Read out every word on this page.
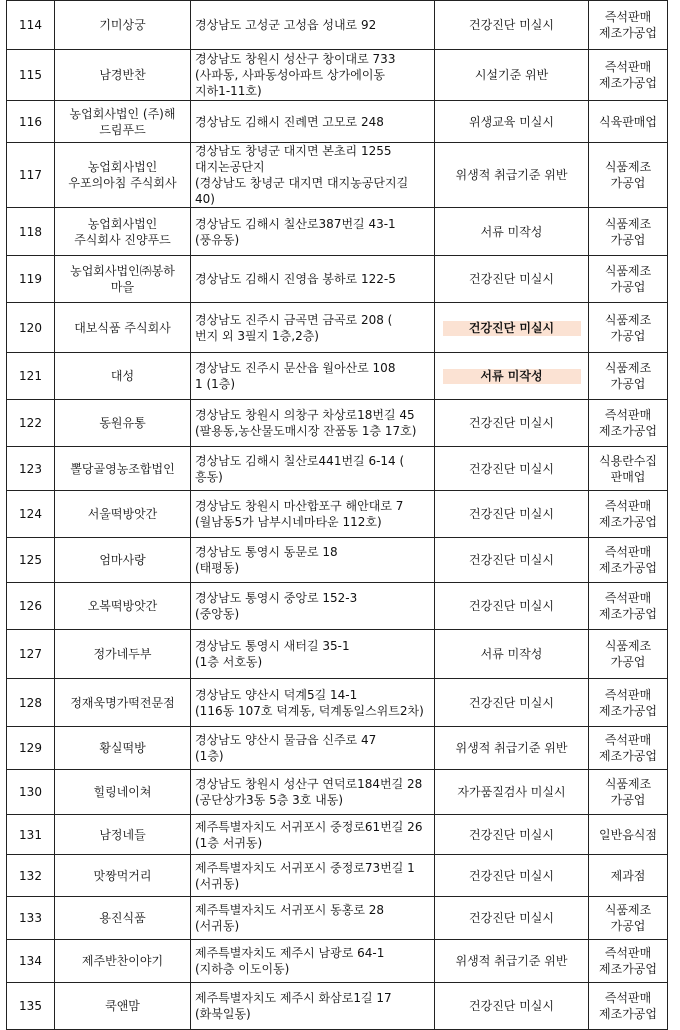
114	기미상궁	경상남도 고성군 고성읍 성내로 92	건강진단 미실시	즉석판매
제조가공업

115	남경반찬	경상남도 창원시 성산구 창이대로 733
(사파동, 사파동성아파트 상가에이동
지하1-11호)	시설기준 위반	즉석판매
제조가공업

116	농업회사법인 (주)해
드림푸드	경상남도 김해시 진례면 고모로 248	위생교육 미실시	식육판매업

117	농업회사법인
우포의아침 주식회사	경상남도 창녕군 대지면 본초리 1255
대지논공단지
(경상남도 창녕군 대지면 대지농공단지길 40)	위생적 취급기준 위반	식품제조
가공업

118	농업회사법인
주식회사 진양푸드	경상남도 김해시 칠산로387번길 43-1
(풍유동)	서류 미작성	식품제조
가공업

119	농업회사법인㈜봉하
마을	경상남도 김해시 진영읍 봉하로 122-5	건강진단 미실시	식품제조
가공업

120	대보식품 주식회사	경상남도 진주시 금곡면 금곡로 208 (
번지 외 3필지 1층,2층)	건강진단 미실시	식품제조
가공업

121	대성	경상남도 진주시 문산읍 월아산로 108
1 (1층)	서류 미작성	식품제조
가공업

122	동원유통	경상남도 창원시 의창구 차상로18번길 45
(팔용동,농산물도매시장 잔품동 1층 17호)	건강진단 미실시	즉석판매
제조가공업

123	뽈당골영농조합법인	경상남도 김해시 칠산로441번길 6-14 (
흥동)	건강진단 미실시	식용란수집
판매업

124	서울떡방앗간	경상남도 창원시 마산합포구 해안대로 7
(월남동5가 남부시네마타운 112호)	건강진단 미실시	즉석판매
제조가공업

125	엄마사랑	경상남도 통영시 동문로 18
(태평동)	건강진단 미실시	즉석판매
제조가공업

126	오복떡방앗간	경상남도 통영시 중앙로 152-3
(중앙동)	건강진단 미실시	즉석판매
제조가공업

127	정가네두부	경상남도 통영시 새터길 35-1
(1층 서호동)	서류 미작성	식품제조
가공업

128	정재욱명가떡전문점	경상남도 양산시 덕계5길 14-1
(116동 107호 덕계동, 덕계동일스위트2차)	건강진단 미실시	즉석판매
제조가공업

129	황실떡방	경상남도 양산시 물금읍 신주로 47
(1층)	위생적 취급기준 위반	즉석판매
제조가공업

130	힐링네이쳐	경상남도 창원시 성산구 연덕로184번길 28
(공단상가3동 5층 3호 내동)	자가품질검사 미실시	식품제조
가공업

131	남정네들	제주특별자치도 서귀포시 중정로61번길 26
(1층 서귀동)	건강진단 미실시	일반음식점

132	맛짱먹거리	제주특별자치도 서귀포시 중정로73번길 1
(서귀동)	건강진단 미실시	제과점

133	용진식품	제주특별자치도 서귀포시 동홍로 28
(서귀동)	건강진단 미실시	식품제조
가공업

134	제주반찬이야기	제주특별자치도 제주시 남광로 64-1
(지하층 이도이동)	위생적 취급기준 위반	즉석판매
제조가공업

135	쿡앤맘	제주특별자치도 제주시 화삼로1길 17
(화북일동)	건강진단 미실시	즉석판매
제조가공업
